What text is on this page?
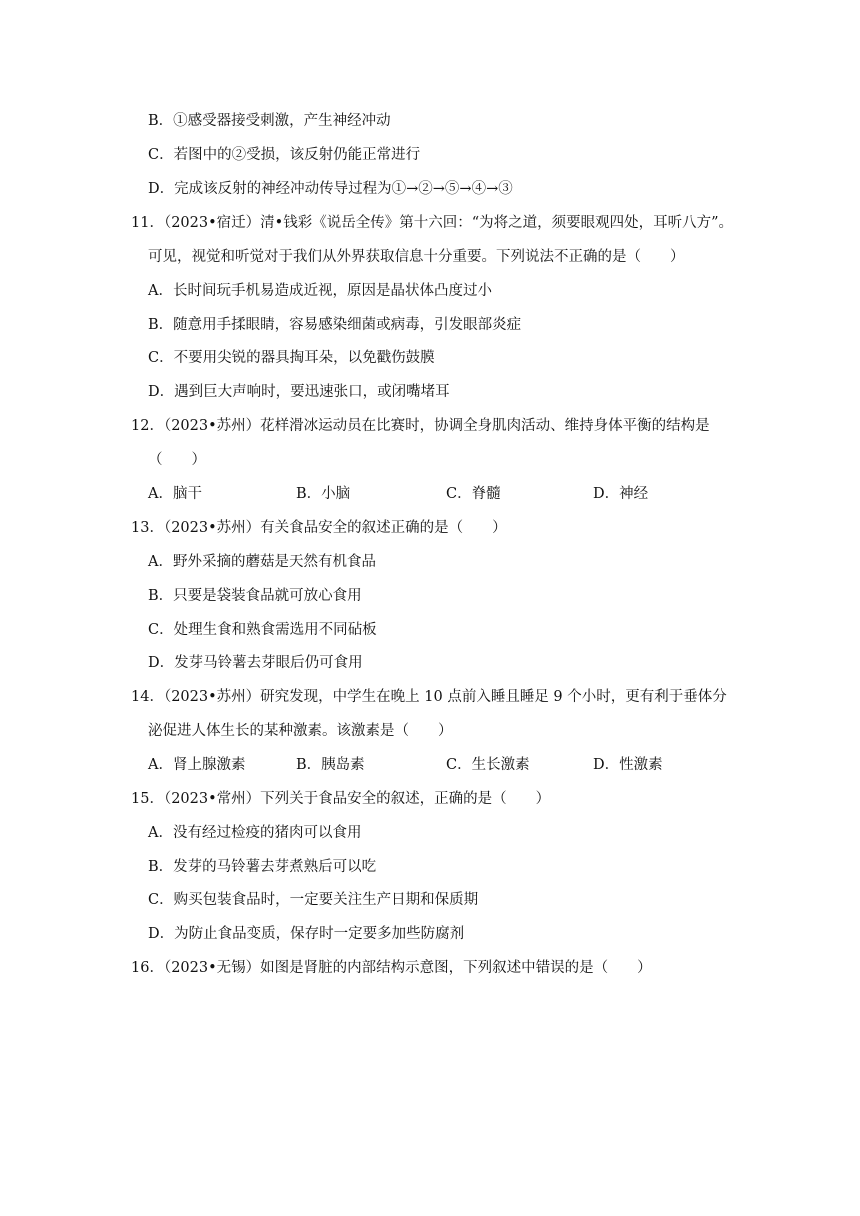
B．①感受器接受刺激，产生神经冲动
C．若图中的②受损，该反射仍能正常进行
D．完成该反射的神经冲动传导过程为①→②→⑤→④→③
11．（2023•宿迁）清•钱彩《说岳全传》第十六回：“为将之道，须要眼观四处，耳听八方”。
可见，视觉和听觉对于我们从外界获取信息十分重要。下列说法不正确的是（　　）
A．长时间玩手机易造成近视，原因是晶状体凸度过小
B．随意用手揉眼睛，容易感染细菌或病毒，引发眼部炎症
C．不要用尖锐的器具掏耳朵，以免戳伤鼓膜
D．遇到巨大声响时，要迅速张口，或闭嘴堵耳
12．（2023•苏州）花样滑冰运动员在比赛时，协调全身肌肉活动、维持身体平衡的结构是
（　　）
A．脑干	B．小脑	C．脊髓	D．神经
13．（2023•苏州）有关食品安全的叙述正确的是（　　）
A．野外采摘的蘑菇是天然有机食品
B．只要是袋装食品就可放心食用
C．处理生食和熟食需选用不同砧板
D．发芽马铃薯去芽眼后仍可食用
14．（2023•苏州）研究发现，中学生在晚上 10 点前入睡且睡足 9 个小时，更有利于垂体分
泌促进人体生长的某种激素。该激素是（　　）
A．肾上腺激素	B．胰岛素	C．生长激素	D．性激素
15．（2023•常州）下列关于食品安全的叙述，正确的是（　　）
A．没有经过检疫的猪肉可以食用
B．发芽的马铃薯去芽煮熟后可以吃
C．购买包装食品时，一定要关注生产日期和保质期
D．为防止食品变质，保存时一定要多加些防腐剂
16．（2023•无锡）如图是肾脏的内部结构示意图，下列叙述中错误的是（　　）
